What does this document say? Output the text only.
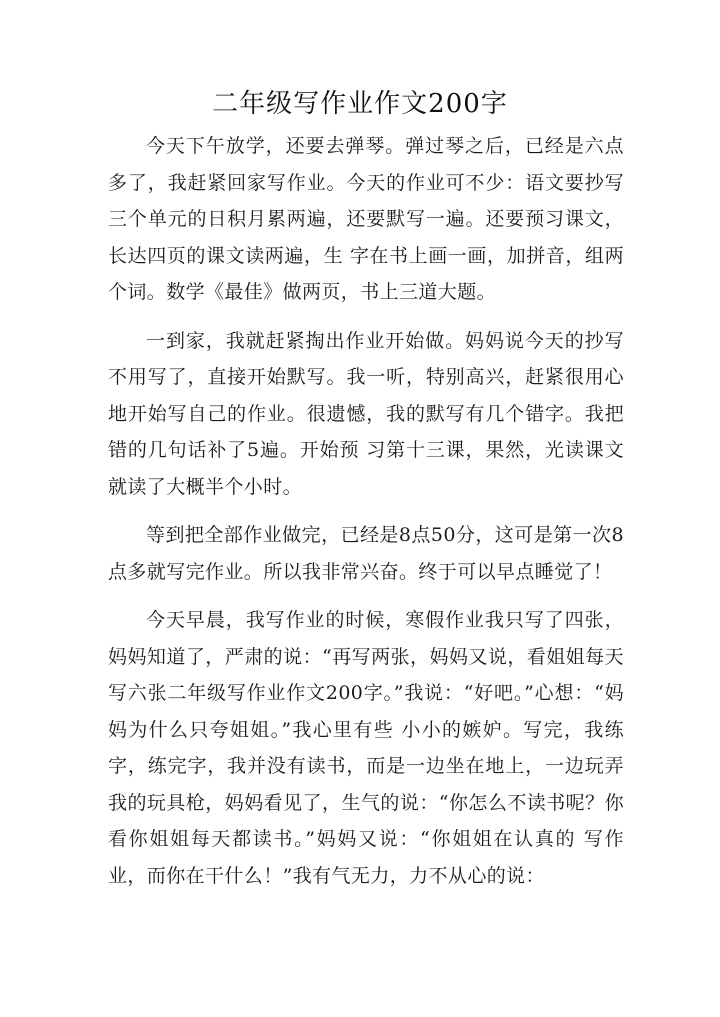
二年级写作业作文200字

今天下午放学，还要去弹琴。弹过琴之后，已经是六点多了，我赶紧回家写作业。今天的作业可不少：语文要抄写三个单元的日积月累两遍，还要默写一遍。还要预习课文，长达四页的课文读两遍，生 字在书上画一画，加拼音，组两个词。数学《最佳》做两页，书上三道大题。

一到家，我就赶紧掏出作业开始做。妈妈说今天的抄写不用写了，直接开始默写。我一听，特别高兴，赶紧很用心地开始写自己的作业。很遗憾，我的默写有几个错字。我把错的几句话补了5遍。开始预 习第十三课，果然，光读课文就读了大概半个小时。

等到把全部作业做完，已经是8点50分，这可是第一次8点多就写完作业。所以我非常兴奋。终于可以早点睡觉了！

今天早晨，我写作业的时候，寒假作业我只写了四张，妈妈知道了，严肃的说：“再写两张，妈妈又说，看姐姐每天写六张二年级写作业作文200字。”我说：“好吧。”心想：“妈妈为什么只夸姐姐。”我心里有些 小小的嫉妒。写完，我练字，练完字，我并没有读书，而是一边坐在地上，一边玩弄我的玩具枪，妈妈看见了，生气的说：“你怎么不读书呢？你看你姐姐每天都读书。”妈妈又说：“你姐姐在认真的 写作业，而你在干什么！”我有气无力，力不从心的说：
